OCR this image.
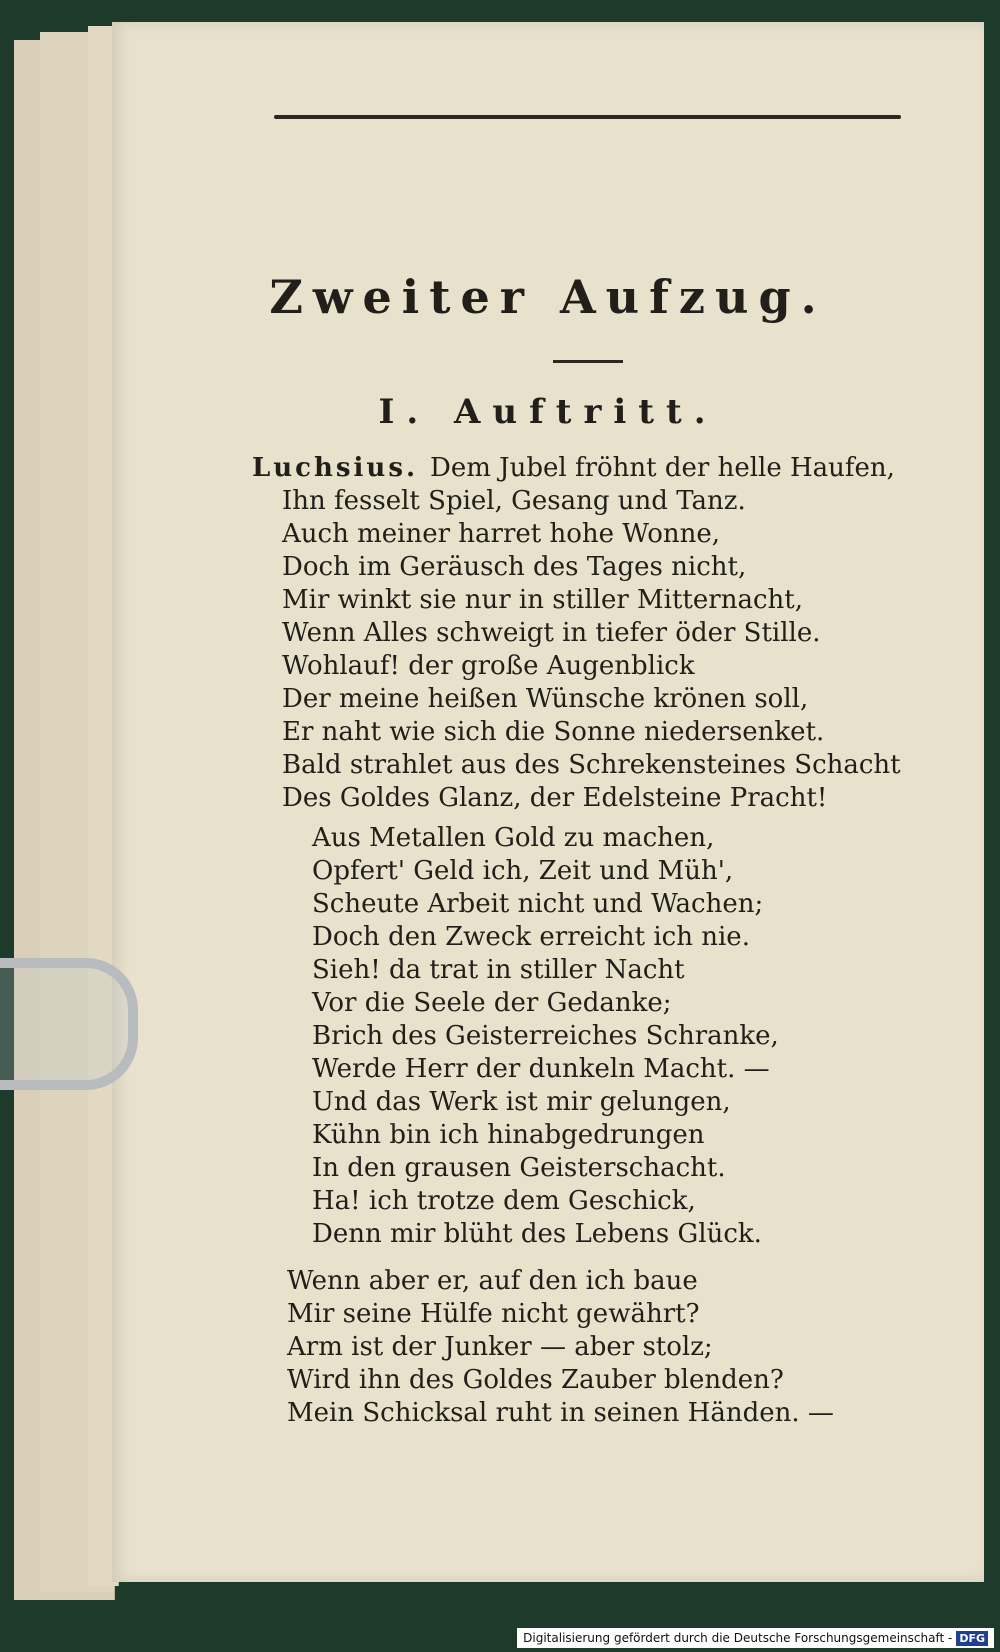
Zweiter Aufzug.
I. Auftritt.
Luchsius. Dem Jubel fröhnt der helle Haufen,
Ihn fesselt Spiel, Gesang und Tanz.
Auch meiner harret hohe Wonne,
Doch im Geräusch des Tages nicht,
Mir winkt sie nur in stiller Mitternacht,
Wenn Alles schweigt in tiefer öder Stille.
Wohlauf! der große Augenblick
Der meine heißen Wünsche krönen soll,
Er naht wie sich die Sonne niedersenket.
Bald strahlet aus des Schrekensteines Schacht
Des Goldes Glanz, der Edelsteine Pracht!
Aus Metallen Gold zu machen,
Opfert' Geld ich, Zeit und Müh',
Scheute Arbeit nicht und Wachen;
Doch den Zweck erreicht ich nie.
Sieh! da trat in stiller Nacht
Vor die Seele der Gedanke;
Brich des Geisterreiches Schranke,
Werde Herr der dunkeln Macht. —
Und das Werk ist mir gelungen,
Kühn bin ich hinabgedrungen
In den grausen Geisterschacht.
Ha! ich trotze dem Geschick,
Denn mir blüht des Lebens Glück.
Wenn aber er, auf den ich baue
Mir seine Hülfe nicht gewährt?
Arm ist der Junker — aber stolz;
Wird ihn des Goldes Zauber blenden?
Mein Schicksal ruht in seinen Händen. —
Digitalisierung gefördert durch die Deutsche Forschungsgemeinschaft - DFG
